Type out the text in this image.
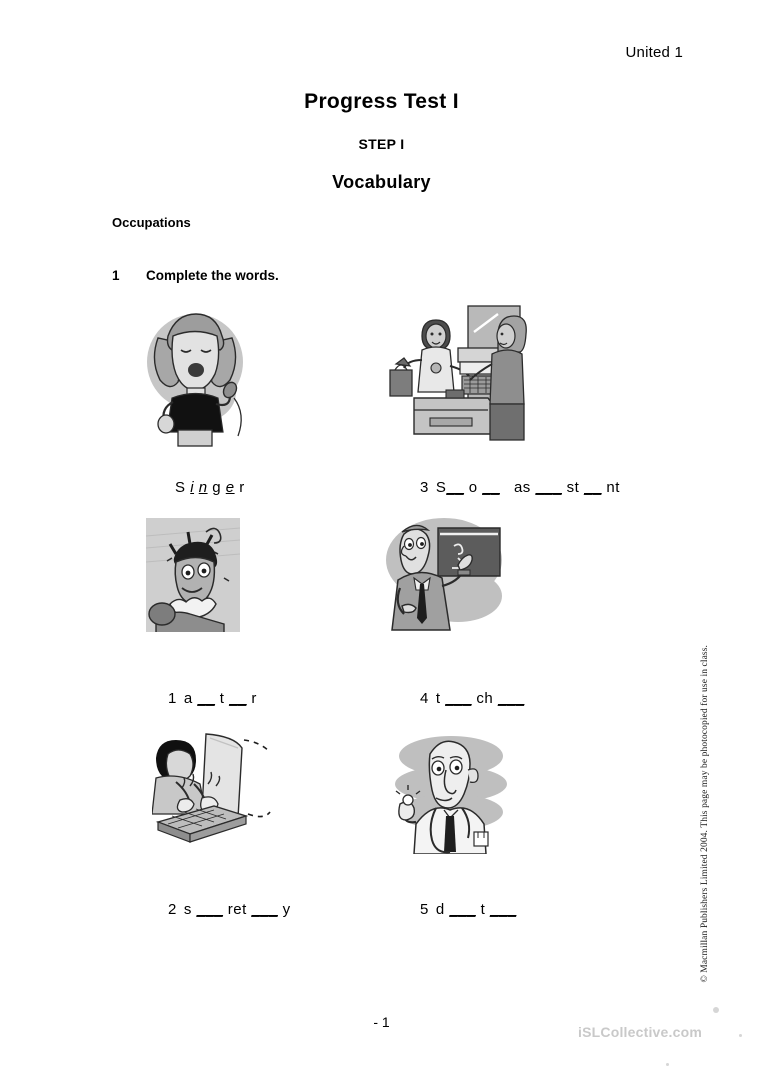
United 1
Progress Test I
STEP I
Vocabulary
Occupations
1 Complete the words.

S i n g e r
	3 S__ o __   as ___ st __ nt

1 a __ t __ r
	4 t ___ ch ___

2 s ___ ret ___ y
	5 d ___ t ___
	© Macmillan Publishers Limited 2004. This page may be photocopied for use in class.
- 1
iSLCollective.com
